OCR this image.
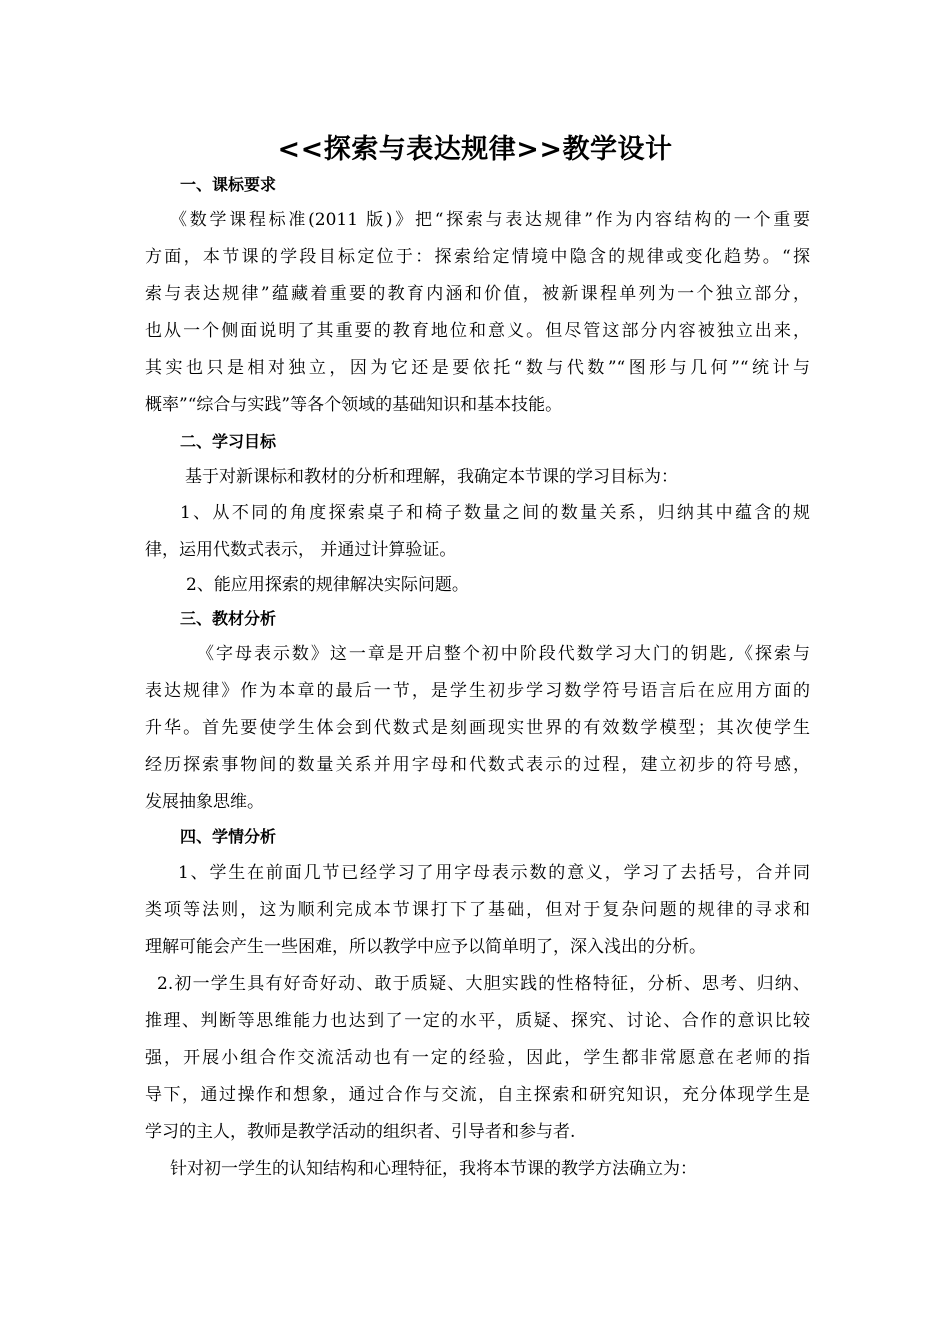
<<探索与表达规律>>教学设计
一、课标要求

《数学课程标准(2011 版)》把“探索与表达规律”作为内容结构的一个重要

方面，本节课的学段目标定位于：探索给定情境中隐含的规律或变化趋势。“探

索与表达规律”蕴藏着重要的教育内涵和价值，被新课程单列为一个独立部分，

也从一个侧面说明了其重要的教育地位和意义。但尽管这部分内容被独立出来，

其实也只是相对独立，因为它还是要依托“数与代数”“图形与几何”“统计与

概率”“综合与实践”等各个领域的基础知识和基本技能。

二、学习目标

基于对新课标和教材的分析和理解，我确定本节课的学习目标为：

1、从不同的角度探索桌子和椅子数量之间的数量关系，归纳其中蕴含的规

律，运用代数式表示， 并通过计算验证。

2、能应用探索的规律解决实际问题。

三、教材分析

《字母表示数》这一章是开启整个初中阶段代数学习大门的钥匙,《探索与

表达规律》作为本章的最后一节，是学生初步学习数学符号语言后在应用方面的

升华。首先要使学生体会到代数式是刻画现实世界的有效数学模型；其次使学生

经历探索事物间的数量关系并用字母和代数式表示的过程，建立初步的符号感，

发展抽象思维。

四、学情分析

1、学生在前面几节已经学习了用字母表示数的意义，学习了去括号，合并同

类项等法则，这为顺利完成本节课打下了基础，但对于复杂问题的规律的寻求和

理解可能会产生一些困难，所以教学中应予以简单明了，深入浅出的分析。

2.初一学生具有好奇好动、敢于质疑、大胆实践的性格特征，分析、思考、归纳、

推理、判断等思维能力也达到了一定的水平，质疑、探究、讨论、合作的意识比较

强，开展小组合作交流活动也有一定的经验，因此，学生都非常愿意在老师的指

导下，通过操作和想象，通过合作与交流，自主探索和研究知识，充分体现学生是

学习的主人，教师是教学活动的组织者、引导者和参与者.

针对初一学生的认知结构和心理特征，我将本节课的教学方法确立为：
